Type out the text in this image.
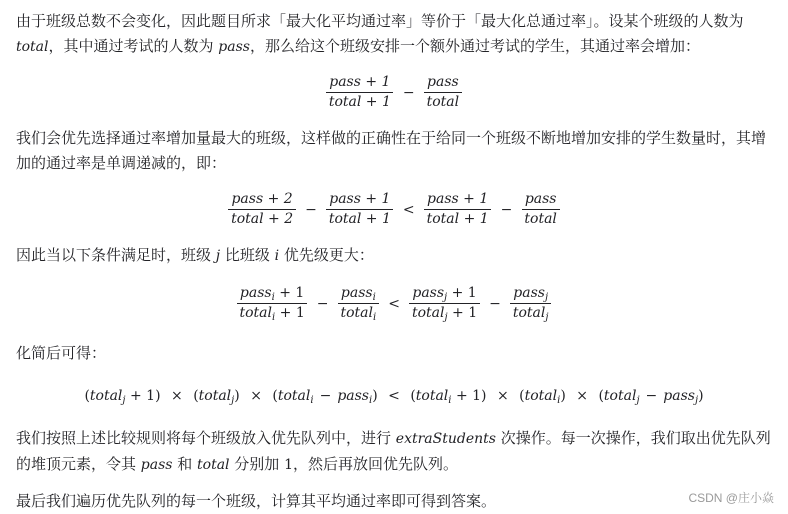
由于班级总数不会变化，因此题目所求「最大化平均通过率」等价于「最大化总通过率」。设某个班级的人数为 total，其中通过考试的人数为 pass，那么给这个班级安排一个额外通过考试的学生，其通过率会增加：

$\frac{\text{pass + 1}}{\text{total + 1}} - \frac{\text{pass}}{\text{total}}$

我们会优先选择通过率增加量最大的班级，这样做的正确性在于给同一个班级不断地增加安排的学生数量时，其增加的通过率是单调递减的，即：

$\frac{\text{pass + 2}}{\text{total + 2}} - \frac{\text{pass + 1}}{\text{total + 1}} < \frac{\text{pass + 1}}{\text{total + 1}} - \frac{\text{pass}}{\text{total}}$

因此当以下条件满足时，班级 j 比班级 i 优先级更大：

$\frac{pass_i + 1}{total_i + 1} - \frac{pass_i}{total_i} < \frac{pass_j + 1}{total_j + 1} - \frac{pass_j}{total_j}$

化简后可得：

(total$_j$ + 1) × (total$_j$) × (total$_i$ − pass$_i$) < (total$_i$ + 1) × (total$_i$) × (total$_j$ − pass$_j$)

我们按照上述比较规则将每个班级放入优先队列中，进行 extraStudents 次操作。每一次操作，我们取出优先队列的堆顶元素，令其 pass 和 total 分别加 1，然后再放回优先队列。

最后我们遍历优先队列的每一个班级，计算其平均通过率即可得到答案。	CSDN @庄小焱
